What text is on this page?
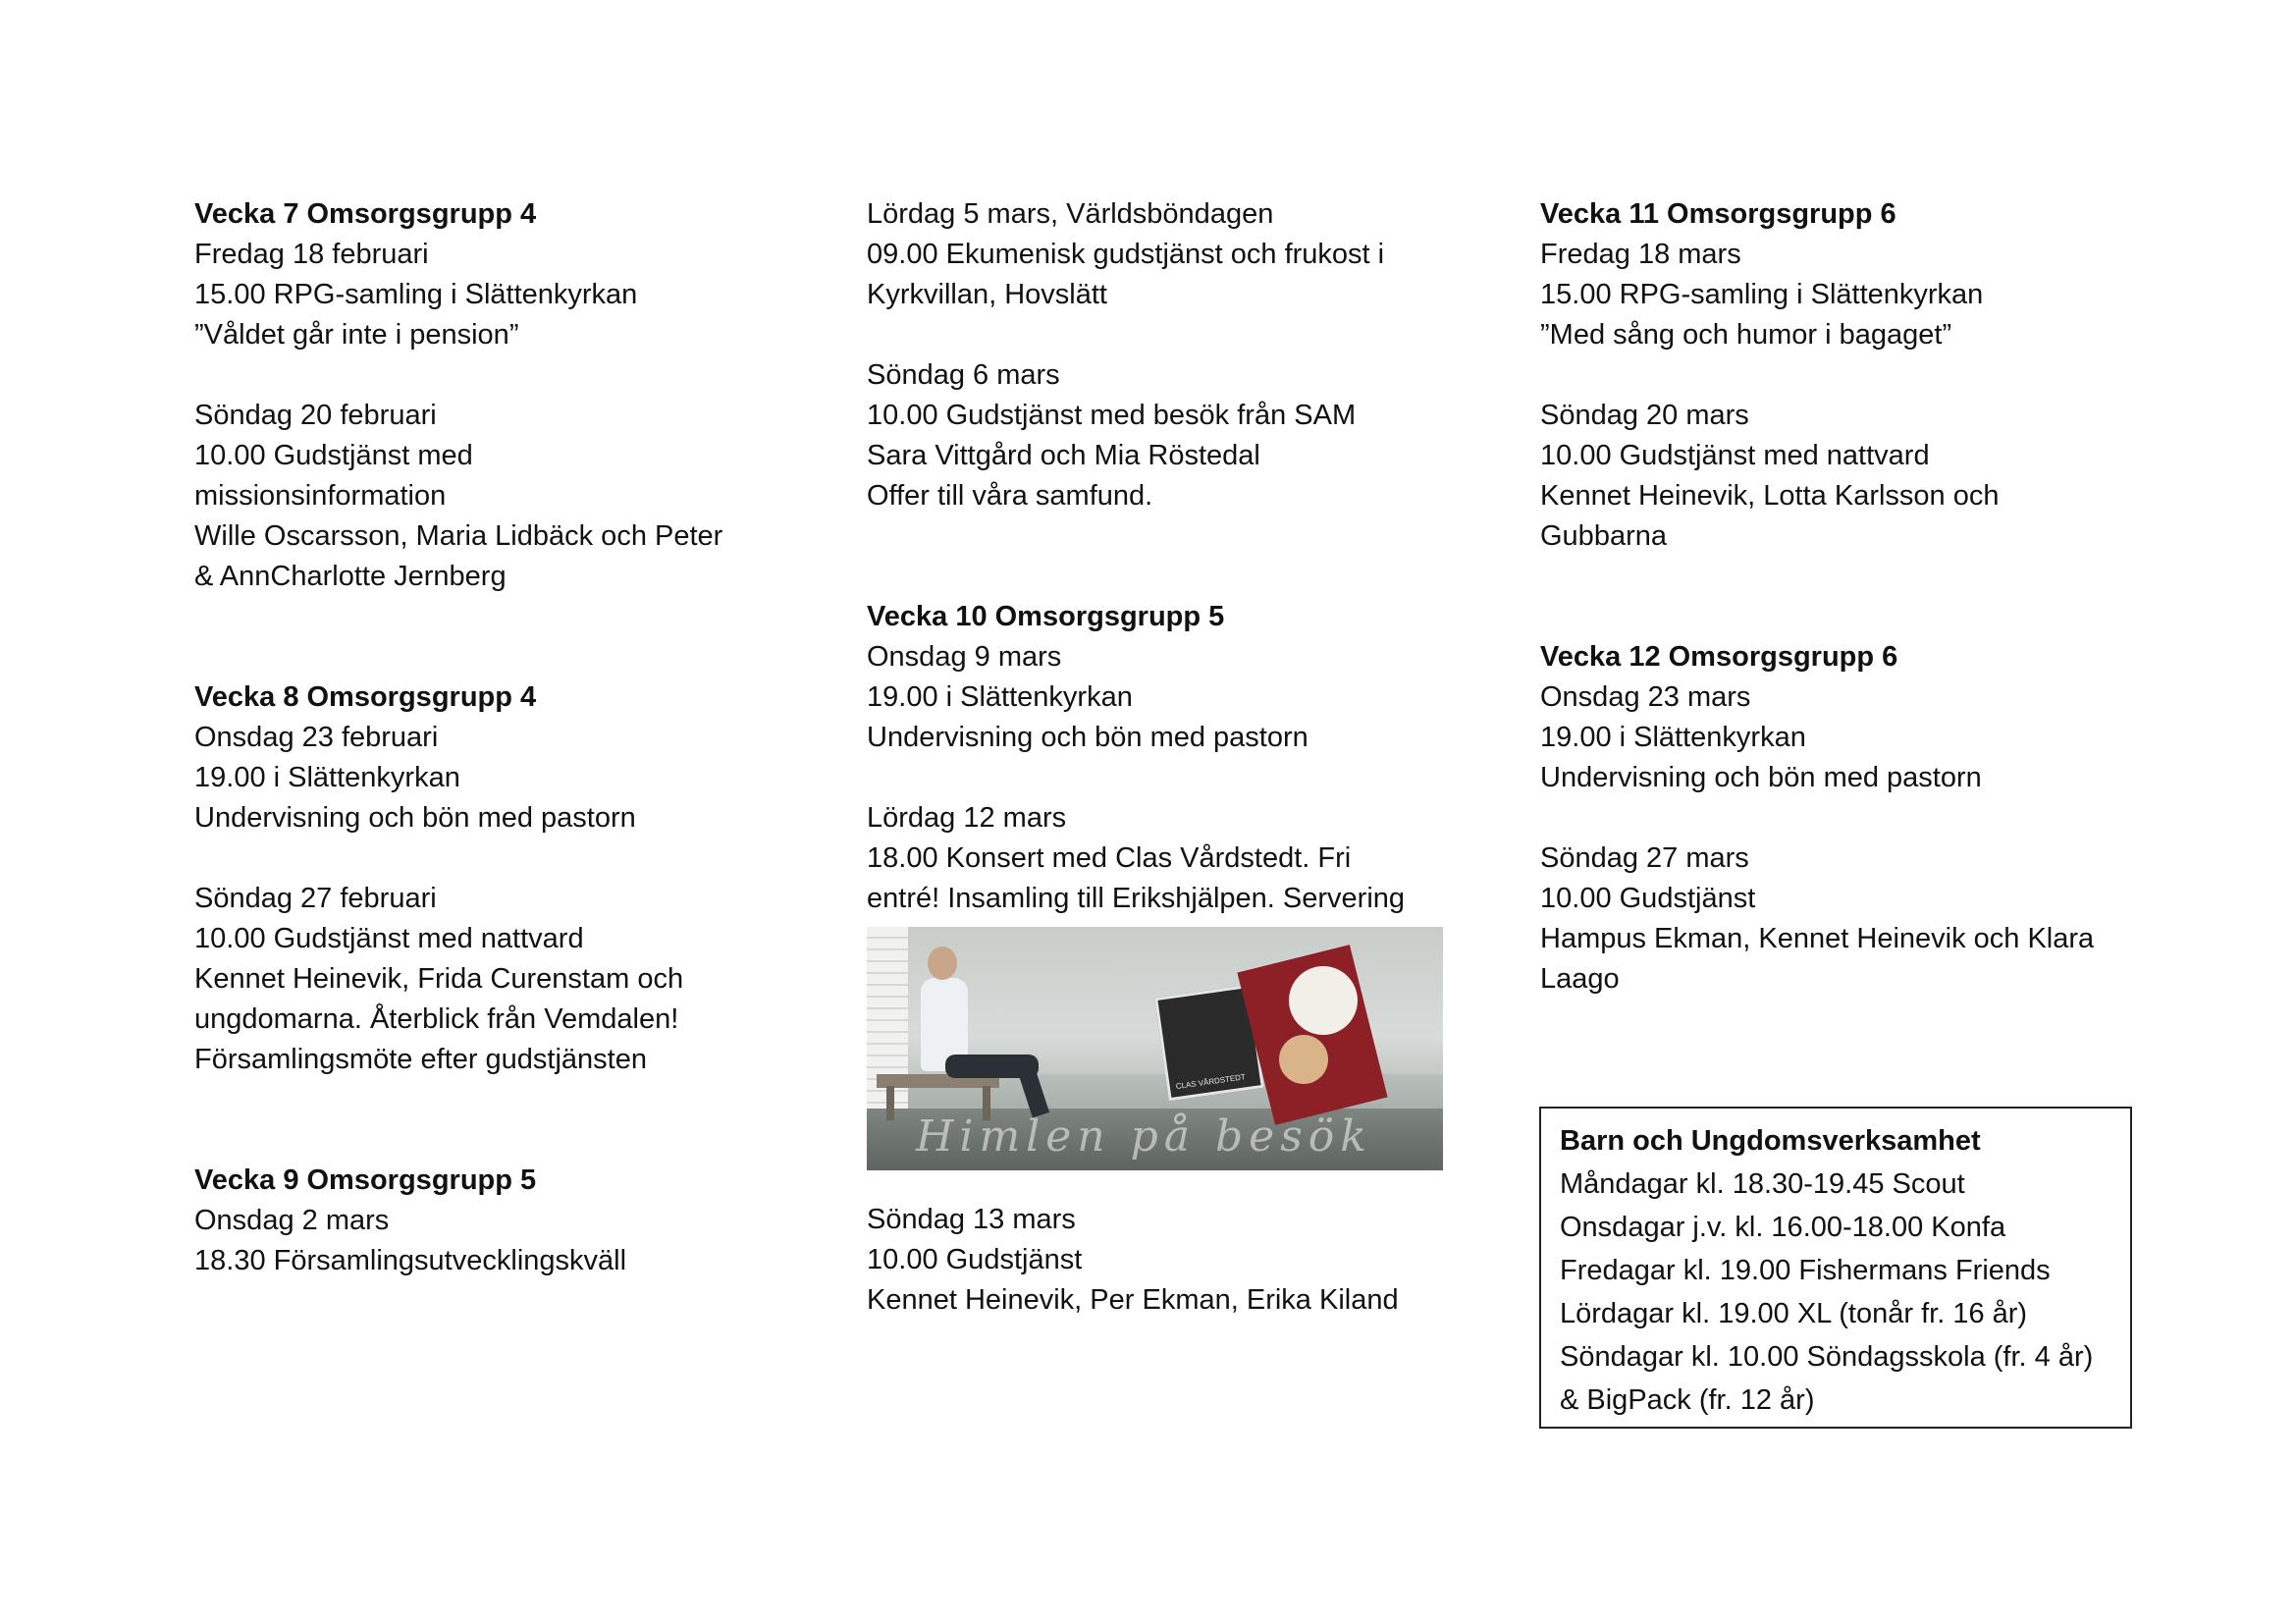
Vecka 7 Omsorgsgrupp 4
Fredag 18 februari
15.00 RPG-samling i Slättenkyrkan
”Våldet går inte i pension”
Söndag 20 februari
10.00 Gudstjänst med
missionsinformation
Wille Oscarsson, Maria Lidbäck och Peter
& AnnCharlotte Jernberg
Vecka 8 Omsorgsgrupp 4
Onsdag 23 februari
19.00 i Slättenkyrkan
Undervisning och bön med pastorn
Söndag 27 februari
10.00 Gudstjänst med nattvard
Kennet Heinevik, Frida Curenstam och
ungdomarna. Återblick från Vemdalen!
Församlingsmöte efter gudstjänsten
Vecka 9 Omsorgsgrupp 5
Onsdag 2 mars
18.30 Församlingsutvecklingskväll
Lördag 5 mars, Världsböndagen
09.00 Ekumenisk gudstjänst och frukost i
Kyrkvillan, Hovslätt
Söndag 6 mars
10.00 Gudstjänst med besök från SAM
Sara Vittgård och Mia Röstedal
Offer till våra samfund.
Vecka 10 Omsorgsgrupp 5
Onsdag 9 mars
19.00 i Slättenkyrkan
Undervisning och bön med pastorn
Lördag 12 mars
18.00 Konsert med Clas Vårdstedt. Fri
entré! Insamling till Erikshjälpen. Servering
CLAS VÅRDSTEDT
Himlen på besök
Söndag 13 mars
10.00 Gudstjänst
Kennet Heinevik, Per Ekman, Erika Kiland
Vecka 11 Omsorgsgrupp 6
Fredag 18 mars
15.00 RPG-samling i Slättenkyrkan
”Med sång och humor i bagaget”
Söndag 20 mars
10.00 Gudstjänst med nattvard
Kennet Heinevik, Lotta Karlsson och
Gubbarna
Vecka 12 Omsorgsgrupp 6
Onsdag 23 mars
19.00 i Slättenkyrkan
Undervisning och bön med pastorn
Söndag 27 mars
10.00 Gudstjänst
Hampus Ekman, Kennet Heinevik och Klara
Laago
Barn och Ungdomsverksamhet
Måndagar kl. 18.30-19.45 Scout
Onsdagar j.v. kl. 16.00-18.00 Konfa
Fredagar kl. 19.00 Fishermans Friends
Lördagar kl. 19.00 XL (tonår fr. 16 år)
Söndagar kl. 10.00 Söndagsskola (fr. 4 år)
& BigPack (fr. 12 år)
